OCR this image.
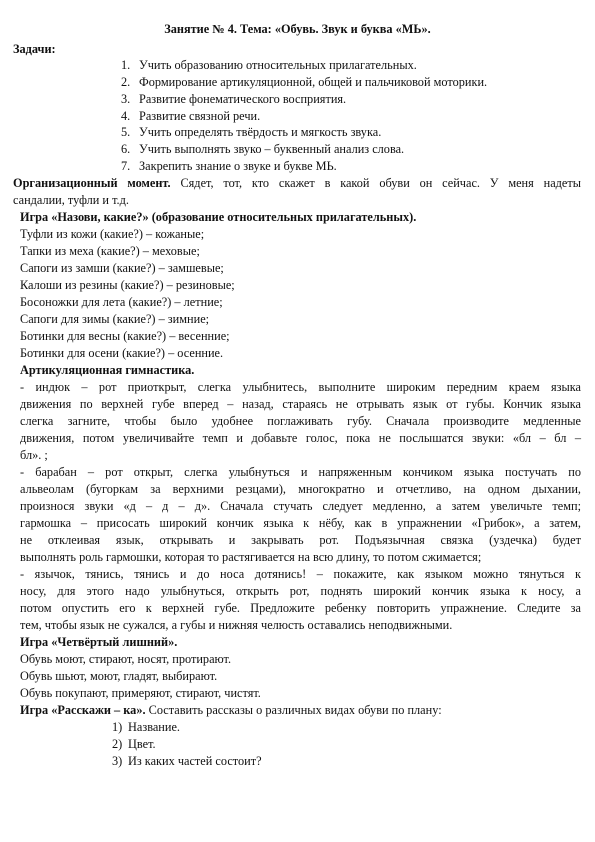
Занятие № 4. Тема: «Обувь. Звук и буква «МЬ».
Задачи:
1. Учить образованию относительных прилагательных.
2. Формирование артикуляционной, общей и пальчиковой моторики.
3. Развитие фонематического восприятия.
4. Развитие связной речи.
5. Учить определять твёрдость и мягкость звука.
6. Учить выполнять звуко – буквенный анализ слова.
7. Закрепить знание о звуке и букве МЬ.
Организационный момент. Сядет, тот, кто скажет в какой обуви он сейчас. У меня надеты
сандалии, туфли и т.д.
Игра «Назови, какие?» (образование относительных прилагательных).
Туфли из кожи (какие?) – кожаные;
Тапки из меха (какие?) – меховые;
Сапоги из замши (какие?) – замшевые;
Калоши из резины (какие?) – резиновые;
Босоножки для лета (какие?) – летние;
Сапоги для зимы (какие?) – зимние;
Ботинки для весны (какие?) – весенние;
Ботинки для осени (какие?) – осенние.
Артикуляционная гимнастика.
- индюк – рот приоткрыт, слегка улыбнитесь, выполните широким передним краем языка
движения по верхней губе вперед – назад, стараясь не отрывать язык от губы. Кончик языка
слегка загните, чтобы было удобнее поглаживать губу. Сначала производите медленные
движения, потом увеличивайте темп и добавьте голос, пока не послышатся звуки: «бл – бл –
бл». ;
- барабан – рот открыт, слегка улыбнуться и напряженным кончиком языка постучать по
альвеолам (бугоркам за верхними резцами), многократно и отчетливо, на одном дыхании,
произнося звуки «д – д – д». Сначала стучать следует медленно, а затем увеличьте темп;
гармошка – присосать широкий кончик языка к нёбу, как в упражнении «Грибок», а затем,
не отклеивая язык, открывать и закрывать рот. Подъязычная связка (уздечка) будет
выполнять роль гармошки, которая то растягивается на всю длину, то потом сжимается;
- язычок, тянись, тянись и до носа дотянись! – покажите, как языком можно тянуться к
носу, для этого надо улыбнуться, открыть рот, поднять широкий кончик языка к носу, а
потом опустить его к верхней губе. Предложите ребенку повторить упражнение. Следите за
тем, чтобы язык не сужался, а губы и нижняя челюсть оставались неподвижными.
Игра «Четвёртый лишний».
Обувь моют, стирают, носят, протирают.
Обувь шьют, моют, гладят, выбирают.
Обувь покупают, примеряют, стирают, чистят.
Игра «Расскажи – ка». Составить рассказы о различных видах обуви по плану:
1) Название.
2) Цвет.
3) Из каких частей состоит?
